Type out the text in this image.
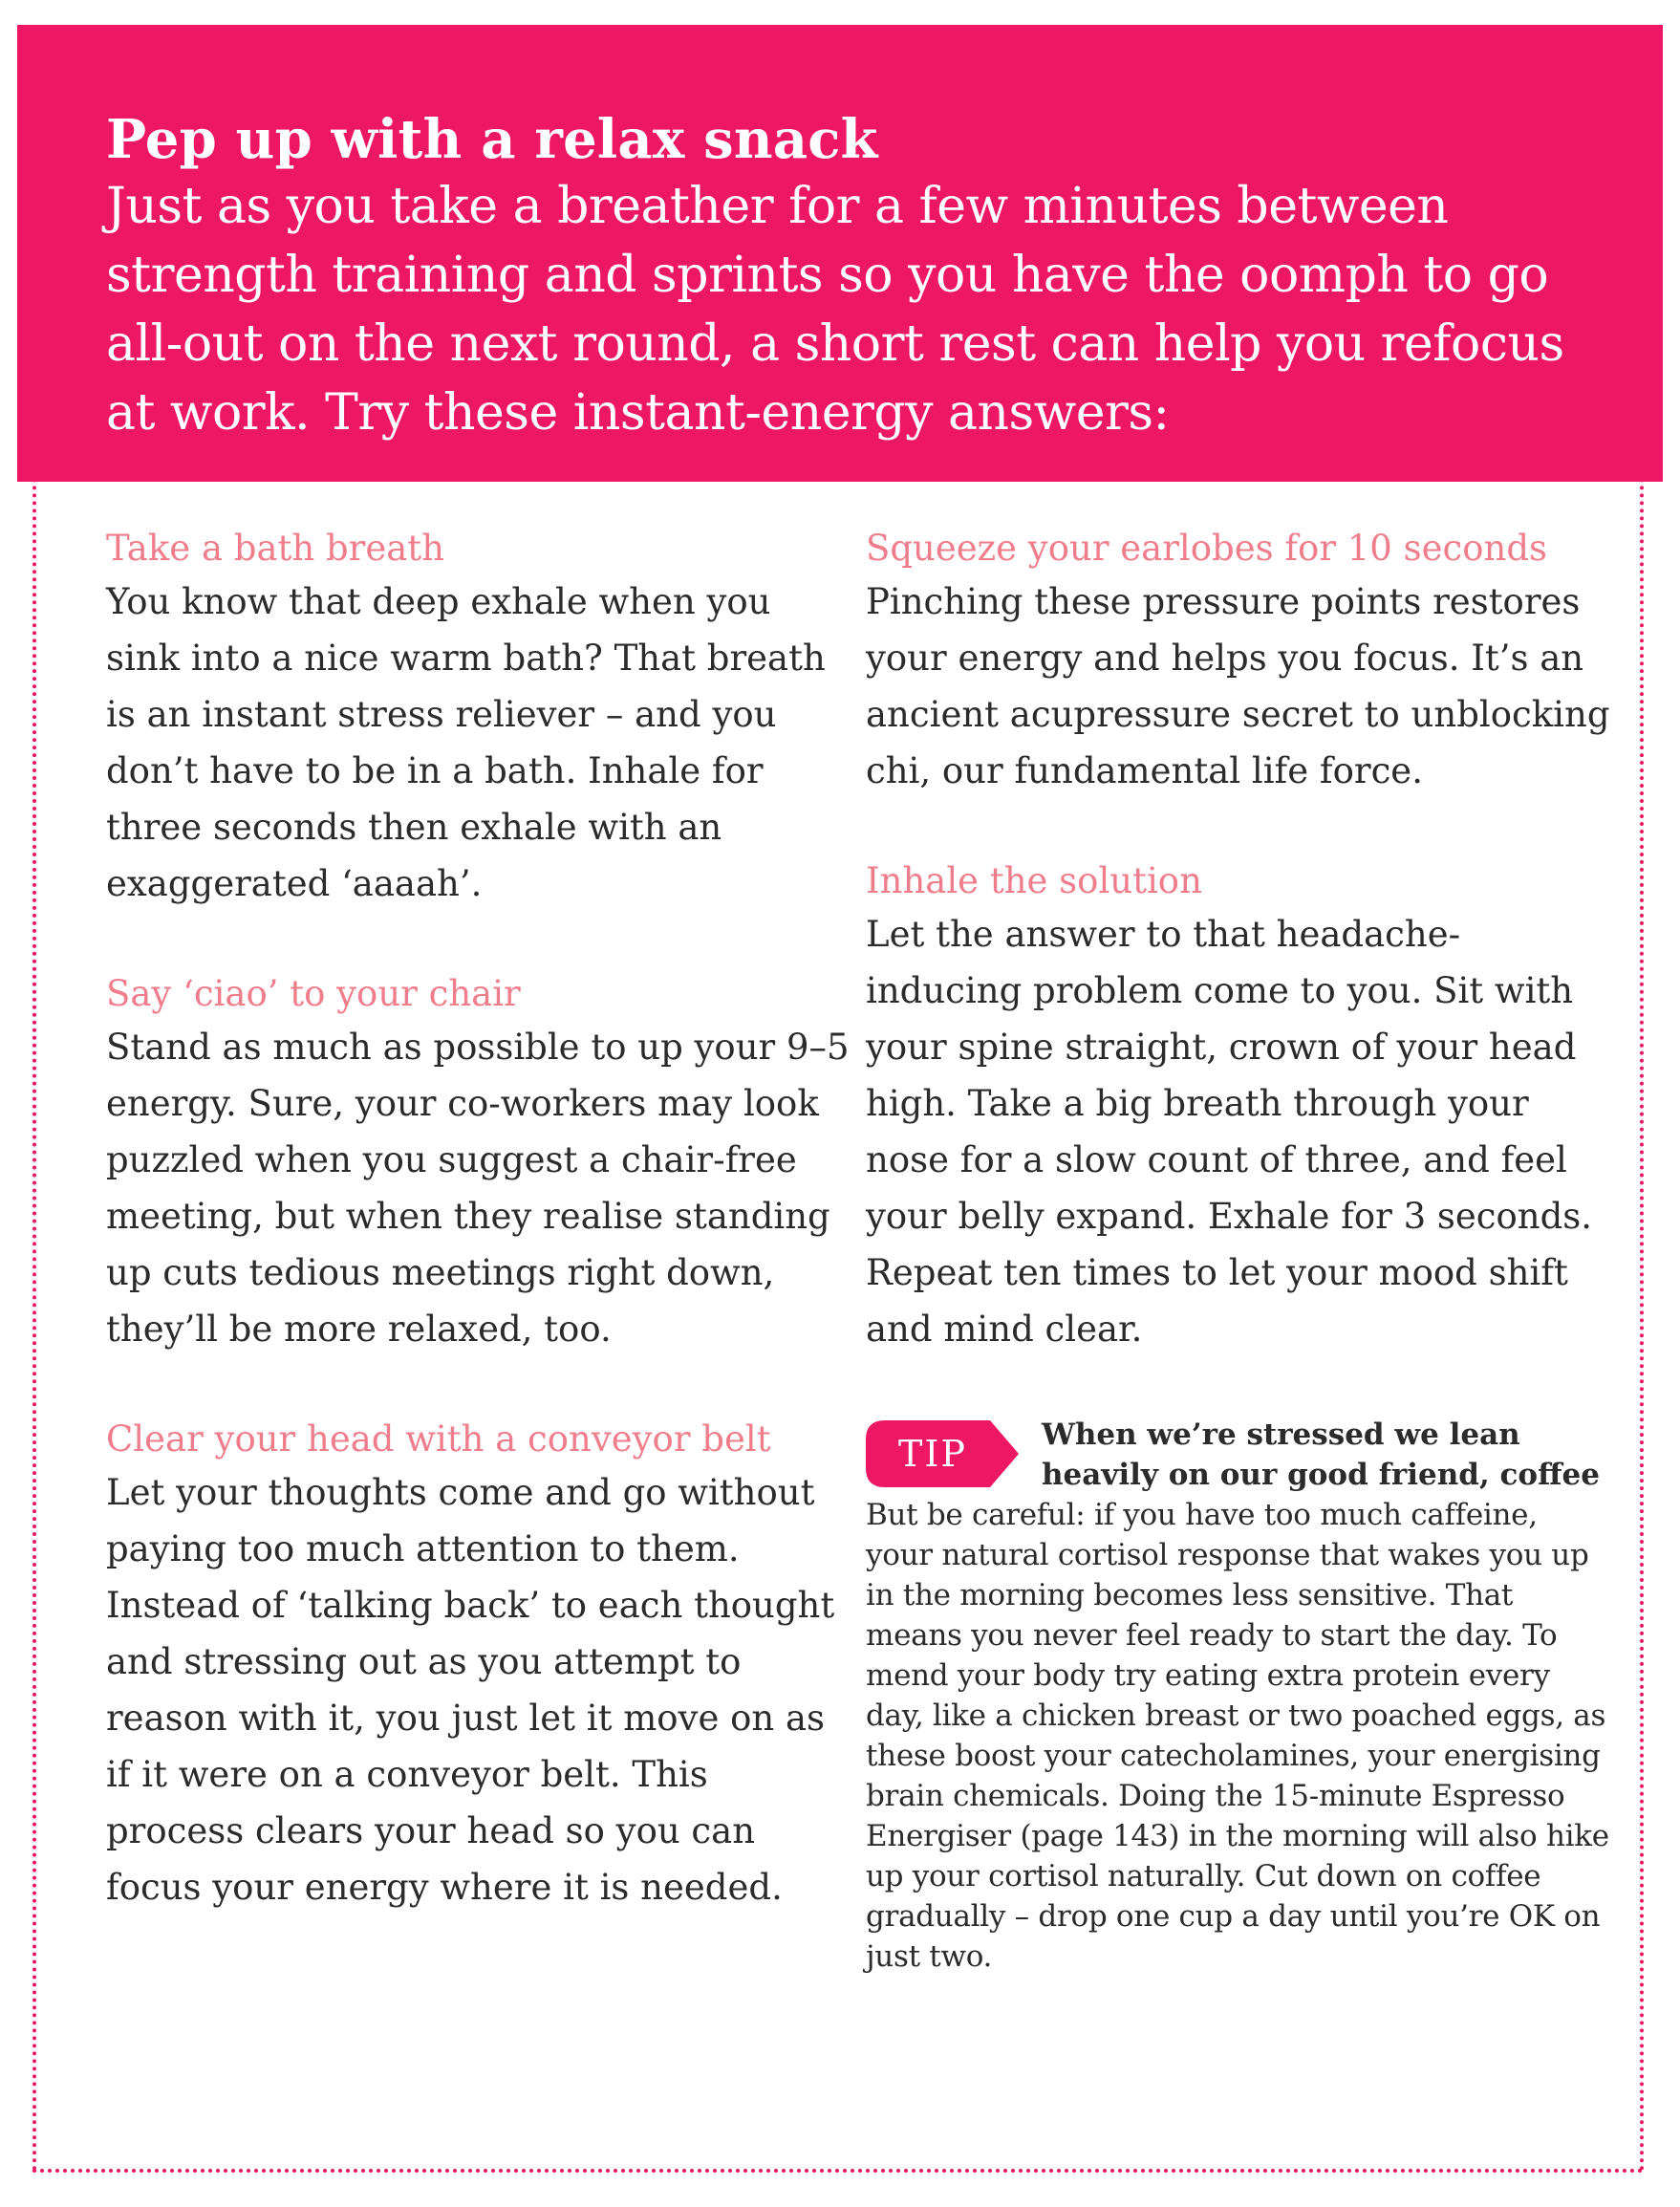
Pep up with a relax snack

Just as you take a breather for a few minutes between strength training and sprints so you have the oomph to go all-out on the next round, a short rest can help you refocus at work. Try these instant-energy answers:

Take a bath breath

You know that deep exhale when you sink into a nice warm bath? That breath is an instant stress reliever – and you don’t have to be in a bath. Inhale for three seconds then exhale with an exaggerated ‘aaaah’.

Say ‘ciao’ to your chair

Stand as much as possible to up your 9–5 energy. Sure, your co-workers may look puzzled when you suggest a chair-free meeting, but when they realise standing up cuts tedious meetings right down, they’ll be more relaxed, too.

Clear your head with a conveyor belt

Let your thoughts come and go without paying too much attention to them. Instead of ‘talking back’ to each thought and stressing out as you attempt to reason with it, you just let it move on as if it were on a conveyor belt. This process clears your head so you can focus your energy where it is needed.

Squeeze your earlobes for 10 seconds

Pinching these pressure points restores your energy and helps you focus. It’s an ancient acupressure secret to unblocking chi, our fundamental life force.

Inhale the solution

Let the answer to that headache-inducing problem come to you. Sit with your spine straight, crown of your head high. Take a big breath through your nose for a slow count of three, and feel your belly expand. Exhale for 3 seconds. Repeat ten times to let your mood shift and mind clear.

TIP	When we’re stressed we lean heavily on our good friend, coffee

But be careful: if you have too much caffeine, your natural cortisol response that wakes you up in the morning becomes less sensitive. That means you never feel ready to start the day. To mend your body try eating extra protein every day, like a chicken breast or two poached eggs, as these boost your catecholamines, your energising brain chemicals. Doing the 15-minute Espresso Energiser (page 143) in the morning will also hike up your cortisol naturally. Cut down on coffee gradually – drop one cup a day until you’re OK on just two.
